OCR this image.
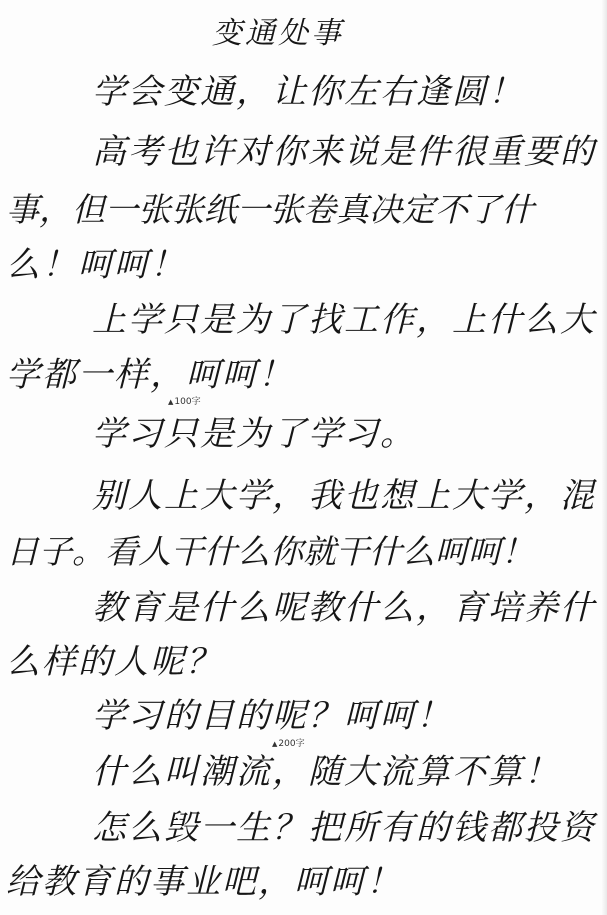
变通处事
学会变通，让你左右逢圆！
高考也许对你来说是件很重要的
事，但一张张纸一张卷真决定不了什
么！呵呵！
上学只是为了找工作，上什么大
学都一样，呵呵！
▲100字
学习只是为了学习。
别人上大学，我也想上大学，混
日子。看人干什么你就干什么呵呵！
教育是什么呢教什么，育培养什
么样的人呢？
学习的目的呢？呵呵！
▲200字
什么叫潮流，随大流算不算！
怎么毁一生？把所有的钱都投资
给教育的事业吧，呵呵！
